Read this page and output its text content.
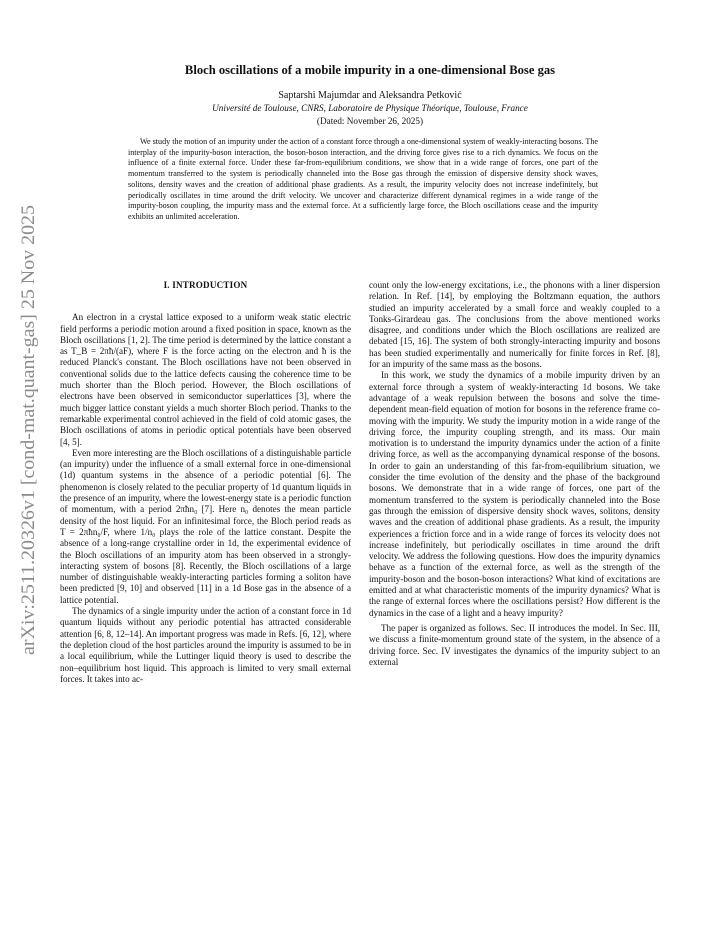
arXiv:2511.20326v1 [cond-mat.quant-gas] 25 Nov 2025
Bloch oscillations of a mobile impurity in a one-dimensional Bose gas
Saptarshi Majumdar and Aleksandra Petković
Université de Toulouse, CNRS, Laboratoire de Physique Théorique, Toulouse, France
(Dated: November 26, 2025)

We study the motion of an impurity under the action of a constant force through a one-dimensional system of weakly-interacting bosons. The interplay of the impurity-boson interaction, the boson-boson interaction, and the driving force gives rise to a rich dynamics. We focus on the influence of a finite external force. Under these far-from-equilibrium conditions, we show that in a wide range of forces, one part of the momentum transferred to the system is periodically channeled into the Bose gas through the emission of dispersive density shock waves, solitons, density waves and the creation of additional phase gradients. As a result, the impurity velocity does not increase indefinitely, but periodically oscillates in time around the drift velocity. We uncover and characterize different dynamical regimes in a wide range of the impurity-boson coupling, the impurity mass and the external force. At a sufficiently large force, the Bloch oscillations cease and the impurity exhibits an unlimited acceleration.

I. INTRODUCTION

An electron in a crystal lattice exposed to a uniform weak static electric field performs a periodic motion around a fixed position in space, known as the Bloch oscillations [1, 2]. The time period is determined by the lattice constant a as T_B = 2πħ/(aF), where F is the force acting on the electron and ħ is the reduced Planck's constant. The Bloch oscillations have not been observed in conventional solids due to the lattice defects causing the coherence time to be much shorter than the Bloch period. However, the Bloch oscillations of electrons have been observed in semiconductor superlattices [3], where the much bigger lattice constant yields a much shorter Bloch period. Thanks to the remarkable experimental control achieved in the field of cold atomic gases, the Bloch oscillations of atoms in periodic optical potentials have been observed [4, 5].

Even more interesting are the Bloch oscillations of a distinguishable particle (an impurity) under the influence of a small external force in one-dimensional (1d) quantum systems in the absence of a periodic potential [6]. The phenomenon is closely related to the peculiar property of 1d quantum liquids in the presence of an impurity, where the lowest-energy state is a periodic function of momentum, with a period 2πħn₀ [7]. Here n₀ denotes the mean particle density of the host liquid. For an infinitesimal force, the Bloch period reads as T = 2πħn₀/F, where 1/n₀ plays the role of the lattice constant. Despite the absence of a long-range crystalline order in 1d, the experimental evidence of the Bloch oscillations of an impurity atom has been observed in a strongly-interacting system of bosons [8]. Recently, the Bloch oscillations of a large number of distinguishable weakly-interacting particles forming a soliton have been predicted [9, 10] and observed [11] in a 1d Bose gas in the absence of a lattice potential.

The dynamics of a single impurity under the action of a constant force in 1d quantum liquids without any periodic potential has attracted considerable attention [6, 8, 12–14]. An important progress was made in Refs. [6, 12], where the depletion cloud of the host particles around the impurity is assumed to be in a local equilibrium, while the Luttinger liquid theory is used to describe the non–equilibrium host liquid. This approach is limited to very small external forces. It takes into ac-

count only the low-energy excitations, i.e., the phonons with a liner dispersion relation. In Ref. [14], by employing the Boltzmann equation, the authors studied an impurity accelerated by a small force and weakly coupled to a Tonks-Girardeau gas. The conclusions from the above mentioned works disagree, and conditions under which the Bloch oscillations are realized are debated [15, 16]. The system of both strongly-interacting impurity and bosons has been studied experimentally and numerically for finite forces in Ref. [8], for an impurity of the same mass as the bosons.

In this work, we study the dynamics of a mobile impurity driven by an external force through a system of weakly-interacting 1d bosons. We take advantage of a weak repulsion between the bosons and solve the time-dependent mean-field equation of motion for bosons in the reference frame co-moving with the impurity. We study the impurity motion in a wide range of the driving force, the impurity coupling strength, and its mass. Our main motivation is to understand the impurity dynamics under the action of a finite driving force, as well as the accompanying dynamical response of the bosons. In order to gain an understanding of this far-from-equilibrium situation, we consider the time evolution of the density and the phase of the background bosons. We demonstrate that in a wide range of forces, one part of the momentum transferred to the system is periodically channeled into the Bose gas through the emission of dispersive density shock waves, solitons, density waves and the creation of additional phase gradients. As a result, the impurity experiences a friction force and in a wide range of forces its velocity does not increase indefinitely, but periodically oscillates in time around the drift velocity. We address the following questions. How does the impurity dynamics behave as a function of the external force, as well as the strength of the impurity-boson and the boson-boson interactions? What kind of excitations are emitted and at what characteristic moments of the impurity dynamics? What is the range of external forces where the oscillations persist? How different is the dynamics in the case of a light and a heavy impurity?

The paper is organized as follows. Sec. II introduces the model. In Sec. III, we discuss a finite-momentum ground state of the system, in the absence of a driving force. Sec. IV investigates the dynamics of the impurity subject to an external
